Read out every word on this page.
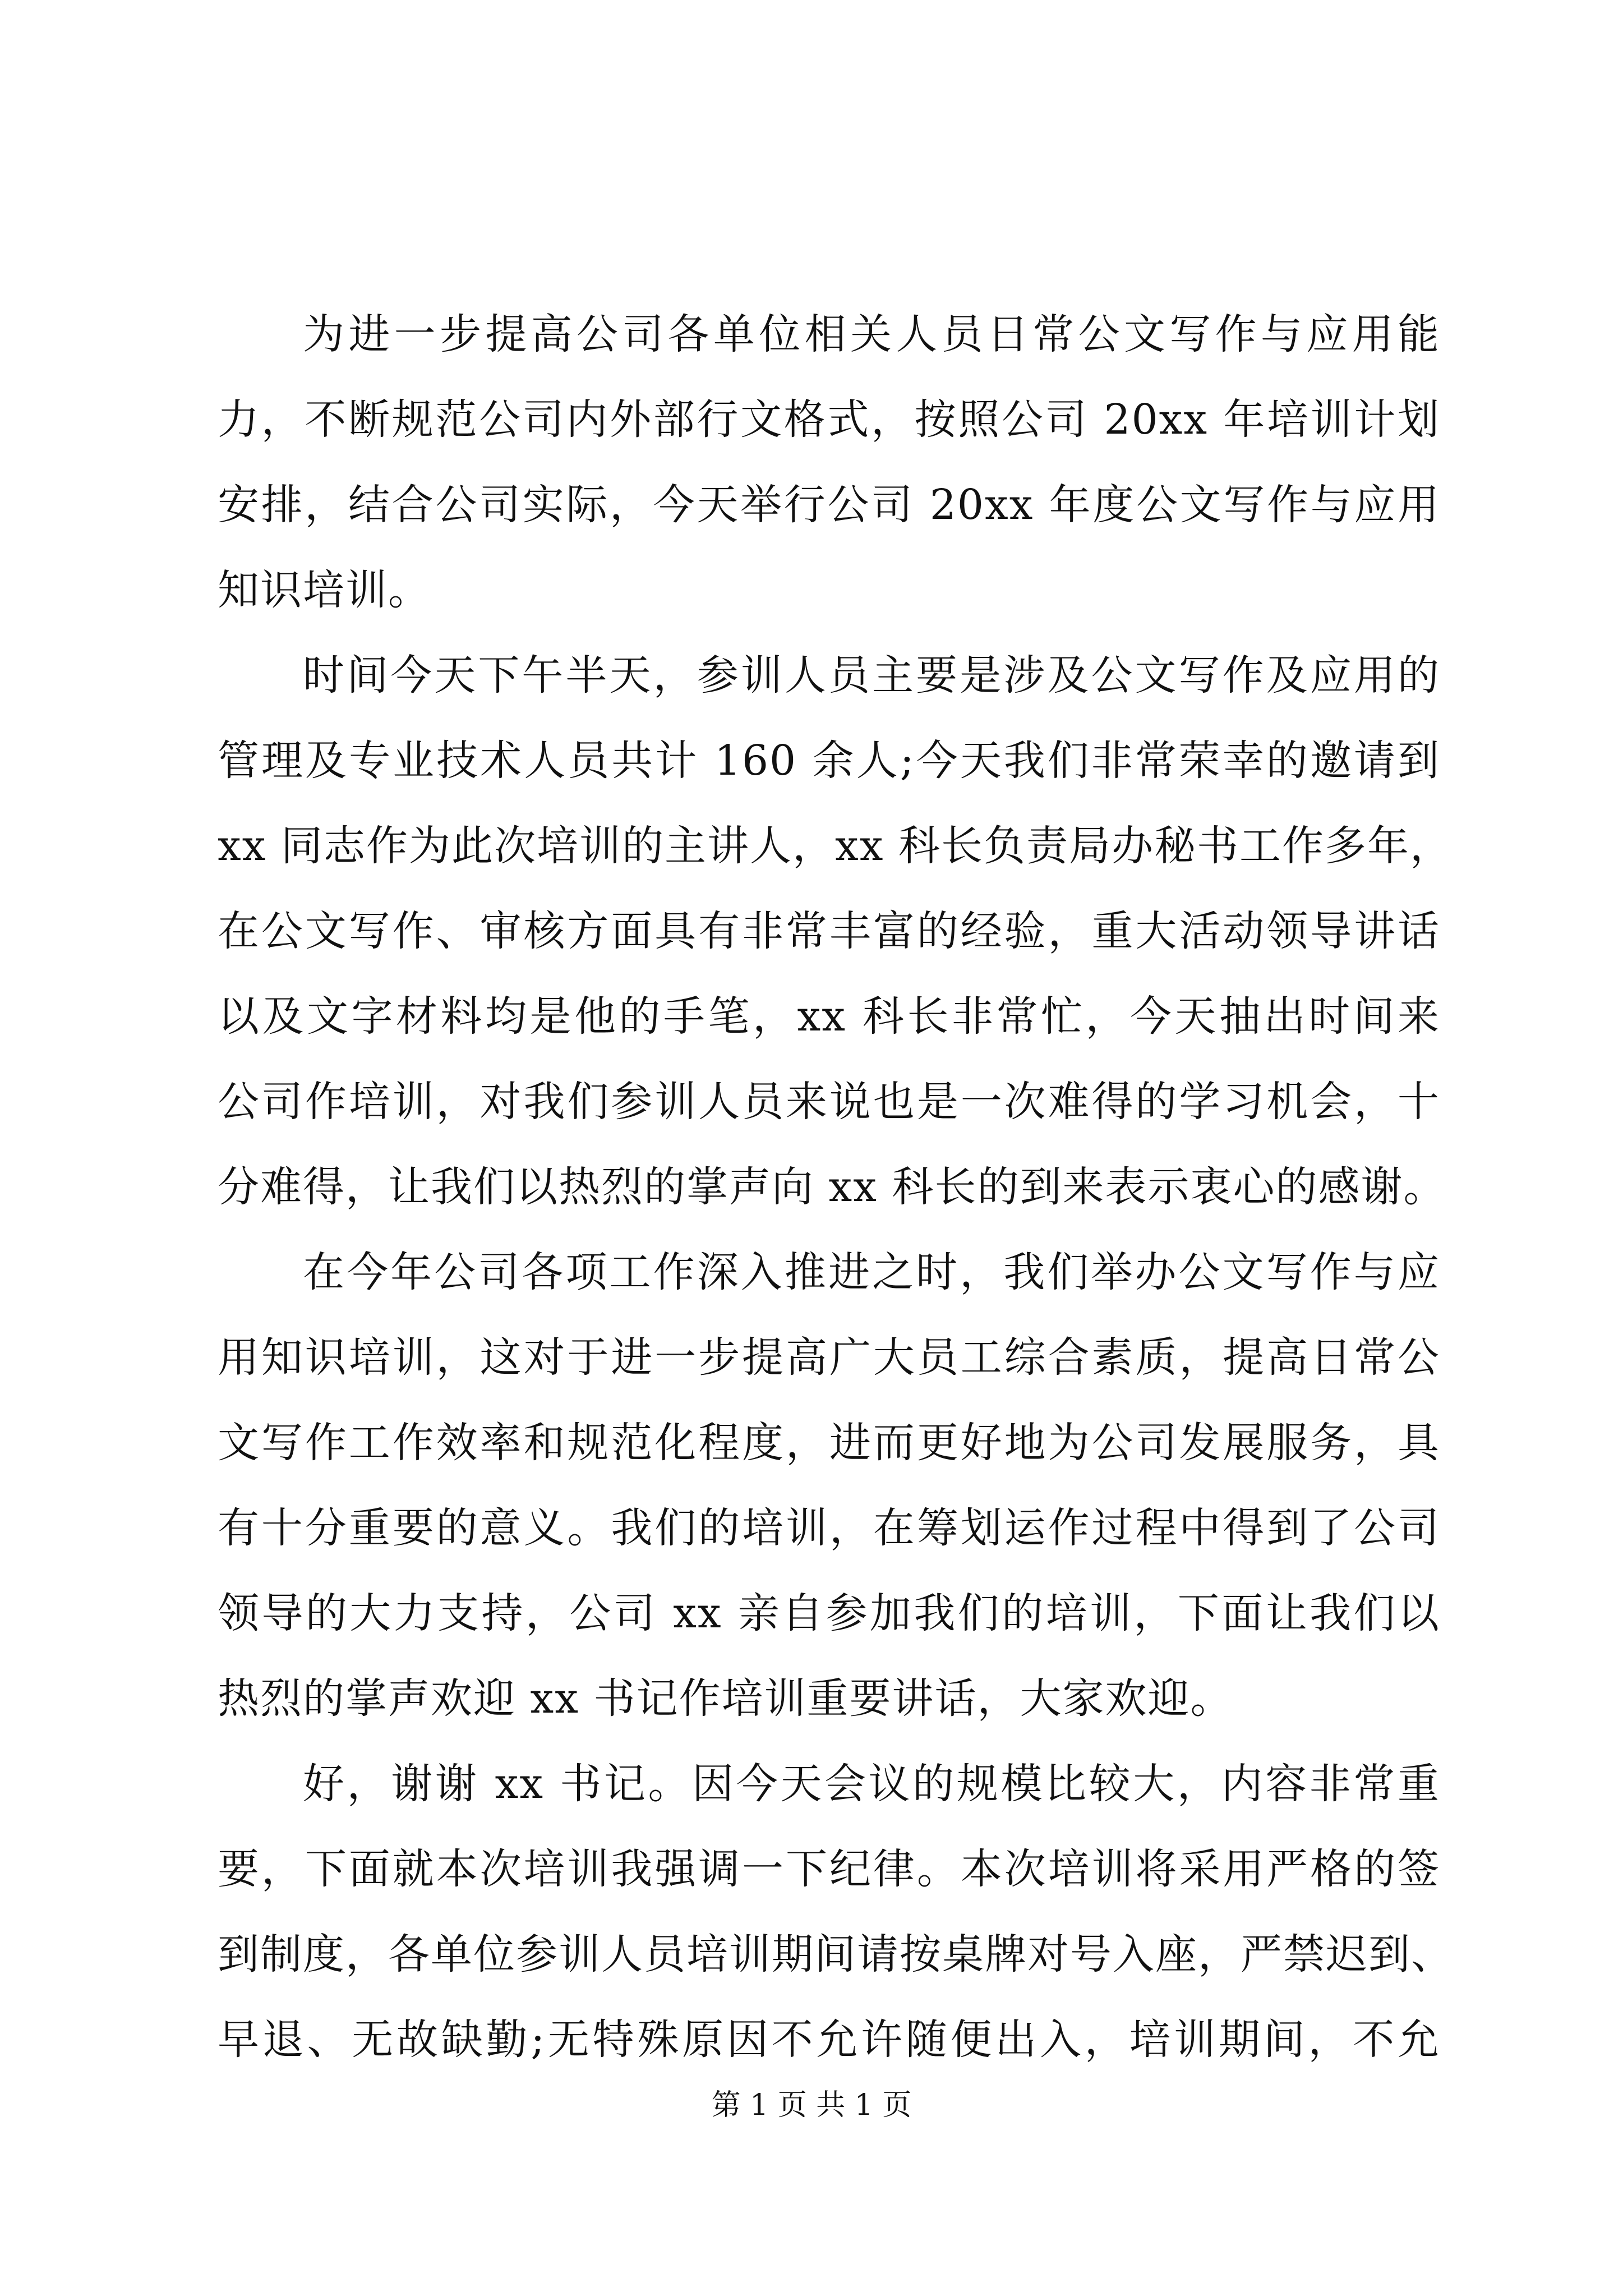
为进一步提高公司各单位相关人员日常公文写作与应用能
力，不断规范公司内外部行文格式，按照公司 20xx 年培训计划
安排，结合公司实际，今天举行公司 20xx 年度公文写作与应用
知识培训。
时间今天下午半天，参训人员主要是涉及公文写作及应用的
管理及专业技术人员共计 160 余人;今天我们非常荣幸的邀请到
xx 同志作为此次培训的主讲人，xx 科长负责局办秘书工作多年，
在公文写作、审核方面具有非常丰富的经验，重大活动领导讲话
以及文字材料均是他的手笔，xx 科长非常忙，今天抽出时间来
公司作培训，对我们参训人员来说也是一次难得的学习机会，十
分难得，让我们以热烈的掌声向 xx 科长的到来表示衷心的感谢。
在今年公司各项工作深入推进之时，我们举办公文写作与应
用知识培训，这对于进一步提高广大员工综合素质，提高日常公
文写作工作效率和规范化程度，进而更好地为公司发展服务，具
有十分重要的意义。我们的培训，在筹划运作过程中得到了公司
领导的大力支持，公司 xx 亲自参加我们的培训，下面让我们以
热烈的掌声欢迎 xx 书记作培训重要讲话，大家欢迎。
好，谢谢 xx 书记。因今天会议的规模比较大，内容非常重
要，下面就本次培训我强调一下纪律。本次培训将采用严格的签
到制度，各单位参训人员培训期间请按桌牌对号入座，严禁迟到、
早退、无故缺勤;无特殊原因不允许随便出入，培训期间，不允
第 1 页 共 1 页
